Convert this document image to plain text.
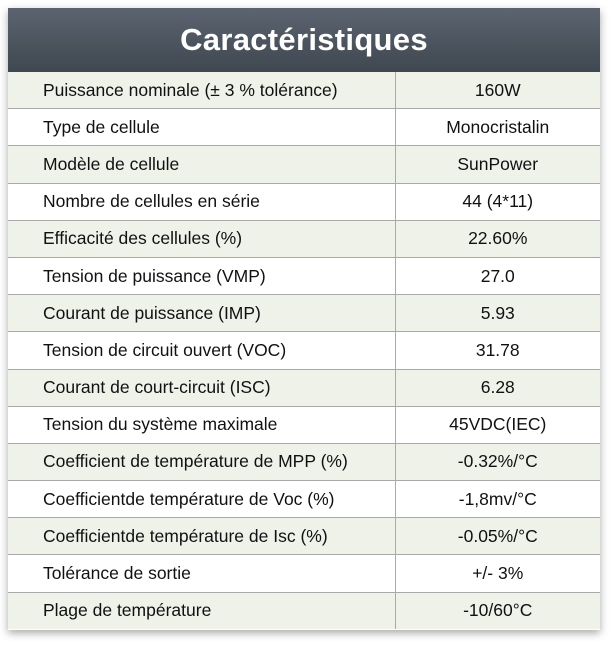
Caractéristiques
Puissance nominale (± 3 % tolérance)	160W
Type de cellule	Monocristalin
Modèle de cellule	SunPower
Nombre de cellules en série	44 (4*11)
Efficacité des cellules (%)	22.60%
Tension de puissance (VMP)	27.0
Courant de puissance (IMP)	5.93
Tension de circuit ouvert (VOC)	31.78
Courant de court-circuit (ISC)	6.28
Tension du système maximale	45VDC(IEC)
Coefficient de température de MPP (%)	-0.32%/°C
Coefficientde température de Voc (%)	-1,8mv/°C
Coefficientde température de Isc (%)	-0.05%/°C
Tolérance de sortie	+/- 3%
Plage de température	-10/60°C
